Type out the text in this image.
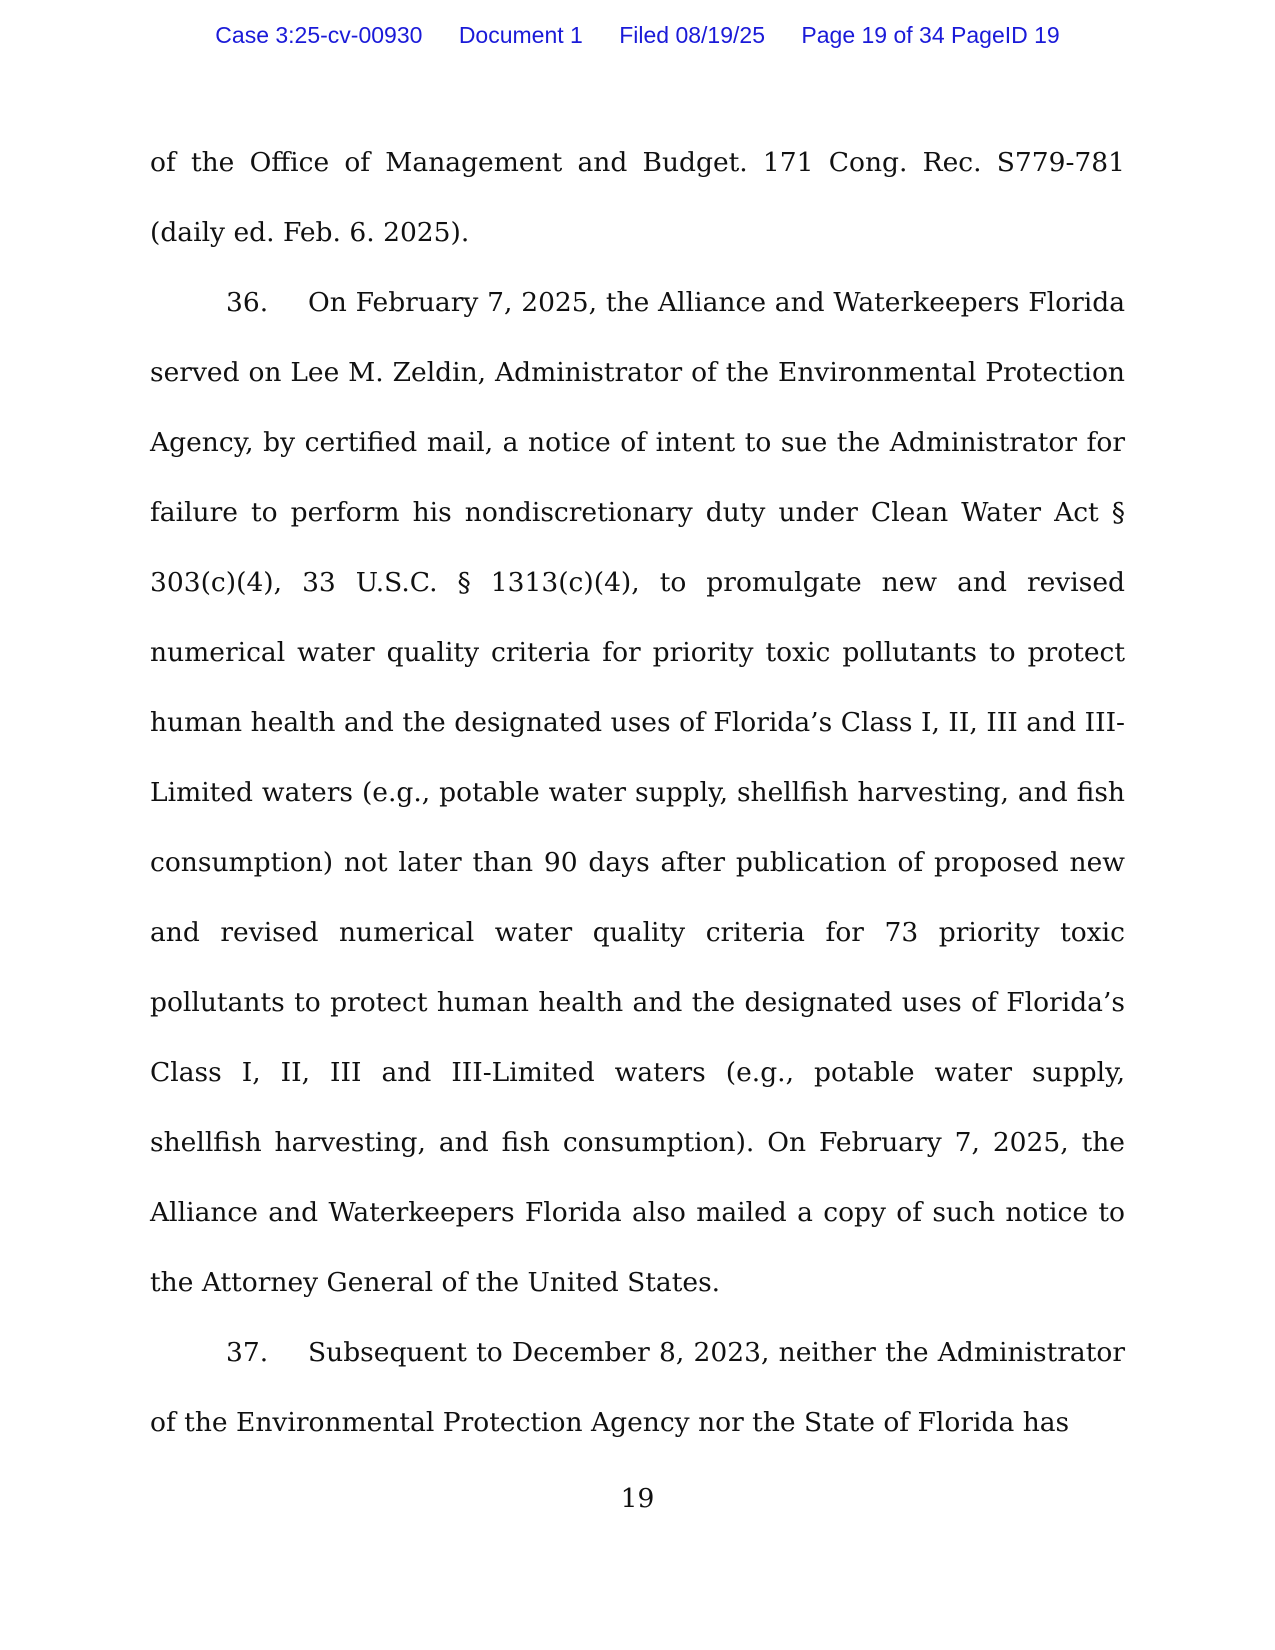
Case 3:25-cv-00930 Document 1 Filed 08/19/25 Page 19 of 34 PageID 19

of the Office of Management and Budget. 171 Cong. Rec. S779-781 (daily ed. Feb. 6. 2025).

36. On February 7, 2025, the Alliance and Waterkeepers Florida served on Lee M. Zeldin, Administrator of the Environmental Protection Agency, by certified mail, a notice of intent to sue the Administrator for failure to perform his nondiscretionary duty under Clean Water Act § 303(c)(4), 33 U.S.C. § 1313(c)(4), to promulgate new and revised numerical water quality criteria for priority toxic pollutants to protect human health and the designated uses of Florida’s Class I, II, III and III-Limited waters (e.g., potable water supply, shellfish harvesting, and fish consumption) not later than 90 days after publication of proposed new and revised numerical water quality criteria for 73 priority toxic pollutants to protect human health and the designated uses of Florida’s Class I, II, III and III-Limited waters (e.g., potable water supply, shellfish harvesting, and fish consumption). On February 7, 2025, the Alliance and Waterkeepers Florida also mailed a copy of such notice to the Attorney General of the United States.

37. Subsequent to December 8, 2023, neither the Administrator of the Environmental Protection Agency nor the State of Florida has

19
